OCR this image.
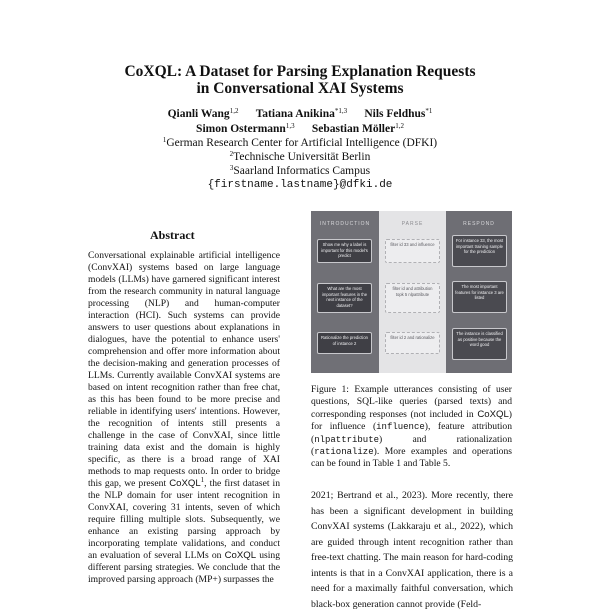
CoXQL: A Dataset for Parsing Explanation Requests
in Conversational XAI Systems
Qianli Wang$^{1,2}$ Tatiana Anikina$^{*1,3}$ Nils Feldhus$^{*1}$
Simon Ostermann$^{1,3}$ Sebastian Möller$^{1,2}$
$^1$German Research Center for Artificial Intelligence (DFKI)
$^2$Technische Universität Berlin
$^3$Saarland Informatics Campus
{firstname.lastname}@dfki.de
Abstract
Conversational explainable artificial intelligence (ConvXAI) systems based on large language models (LLMs) have garnered significant interest from the research community in natural language processing (NLP) and human-computer interaction (HCI). Such systems can provide answers to user questions about explanations in dialogues, have the potential to enhance users' comprehension and offer more information about the decision-making and generation processes of LLMs. Currently available ConvXAI systems are based on intent recognition rather than free chat, as this has been found to be more precise and reliable in identifying users' intentions. However, the recognition of intents still presents a challenge in the case of ConvXAI, since little training data exist and the domain is highly specific, as there is a broad range of XAI methods to map requests onto. In order to bridge this gap, we present CoXQL$^1$, the first dataset in the NLP domain for user intent recognition in ConvXAI, covering 31 intents, seven of which require filling multiple slots. Subsequently, we enhance an existing parsing approach by incorporating template validations, and conduct an evaluation of several LLMs on CoXQL using different parsing strategies. We conclude that the improved parsing approach (MP+) surpasses the
INTRODUCTION
Show me why a label is important for this model's predict
What are the most important features in the next instance of the dataset?
Rationalize the prediction of instance 2
PARSE
filter id 33 and influence
filter id and attribution topk 5 nlpattribute
filter id 2 and rationalize
RESPOND
For instance 33, the most important training sample for the prediction
The most important features for instance 3 are listed
The instance is classified as positive because the word good
Figure 1: Example utterances consisting of user questions, SQL-like queries (parsed texts) and corresponding responses (not included in CoXQL) for influence (influence), feature attribution (nlpattribute) and rationalization (rationalize). More examples and operations can be found in Table 1 and Table 5.
2021; Bertrand et al., 2023). More recently, there has been a significant development in building ConvXAI systems (Lakkaraju et al., 2022), which are guided through intent recognition rather than free-text chatting. The main reason for hard-coding intents is that in a ConvXAI application, there is a need for a maximally faithful conversation, which black-box generation cannot provide (Feld-
